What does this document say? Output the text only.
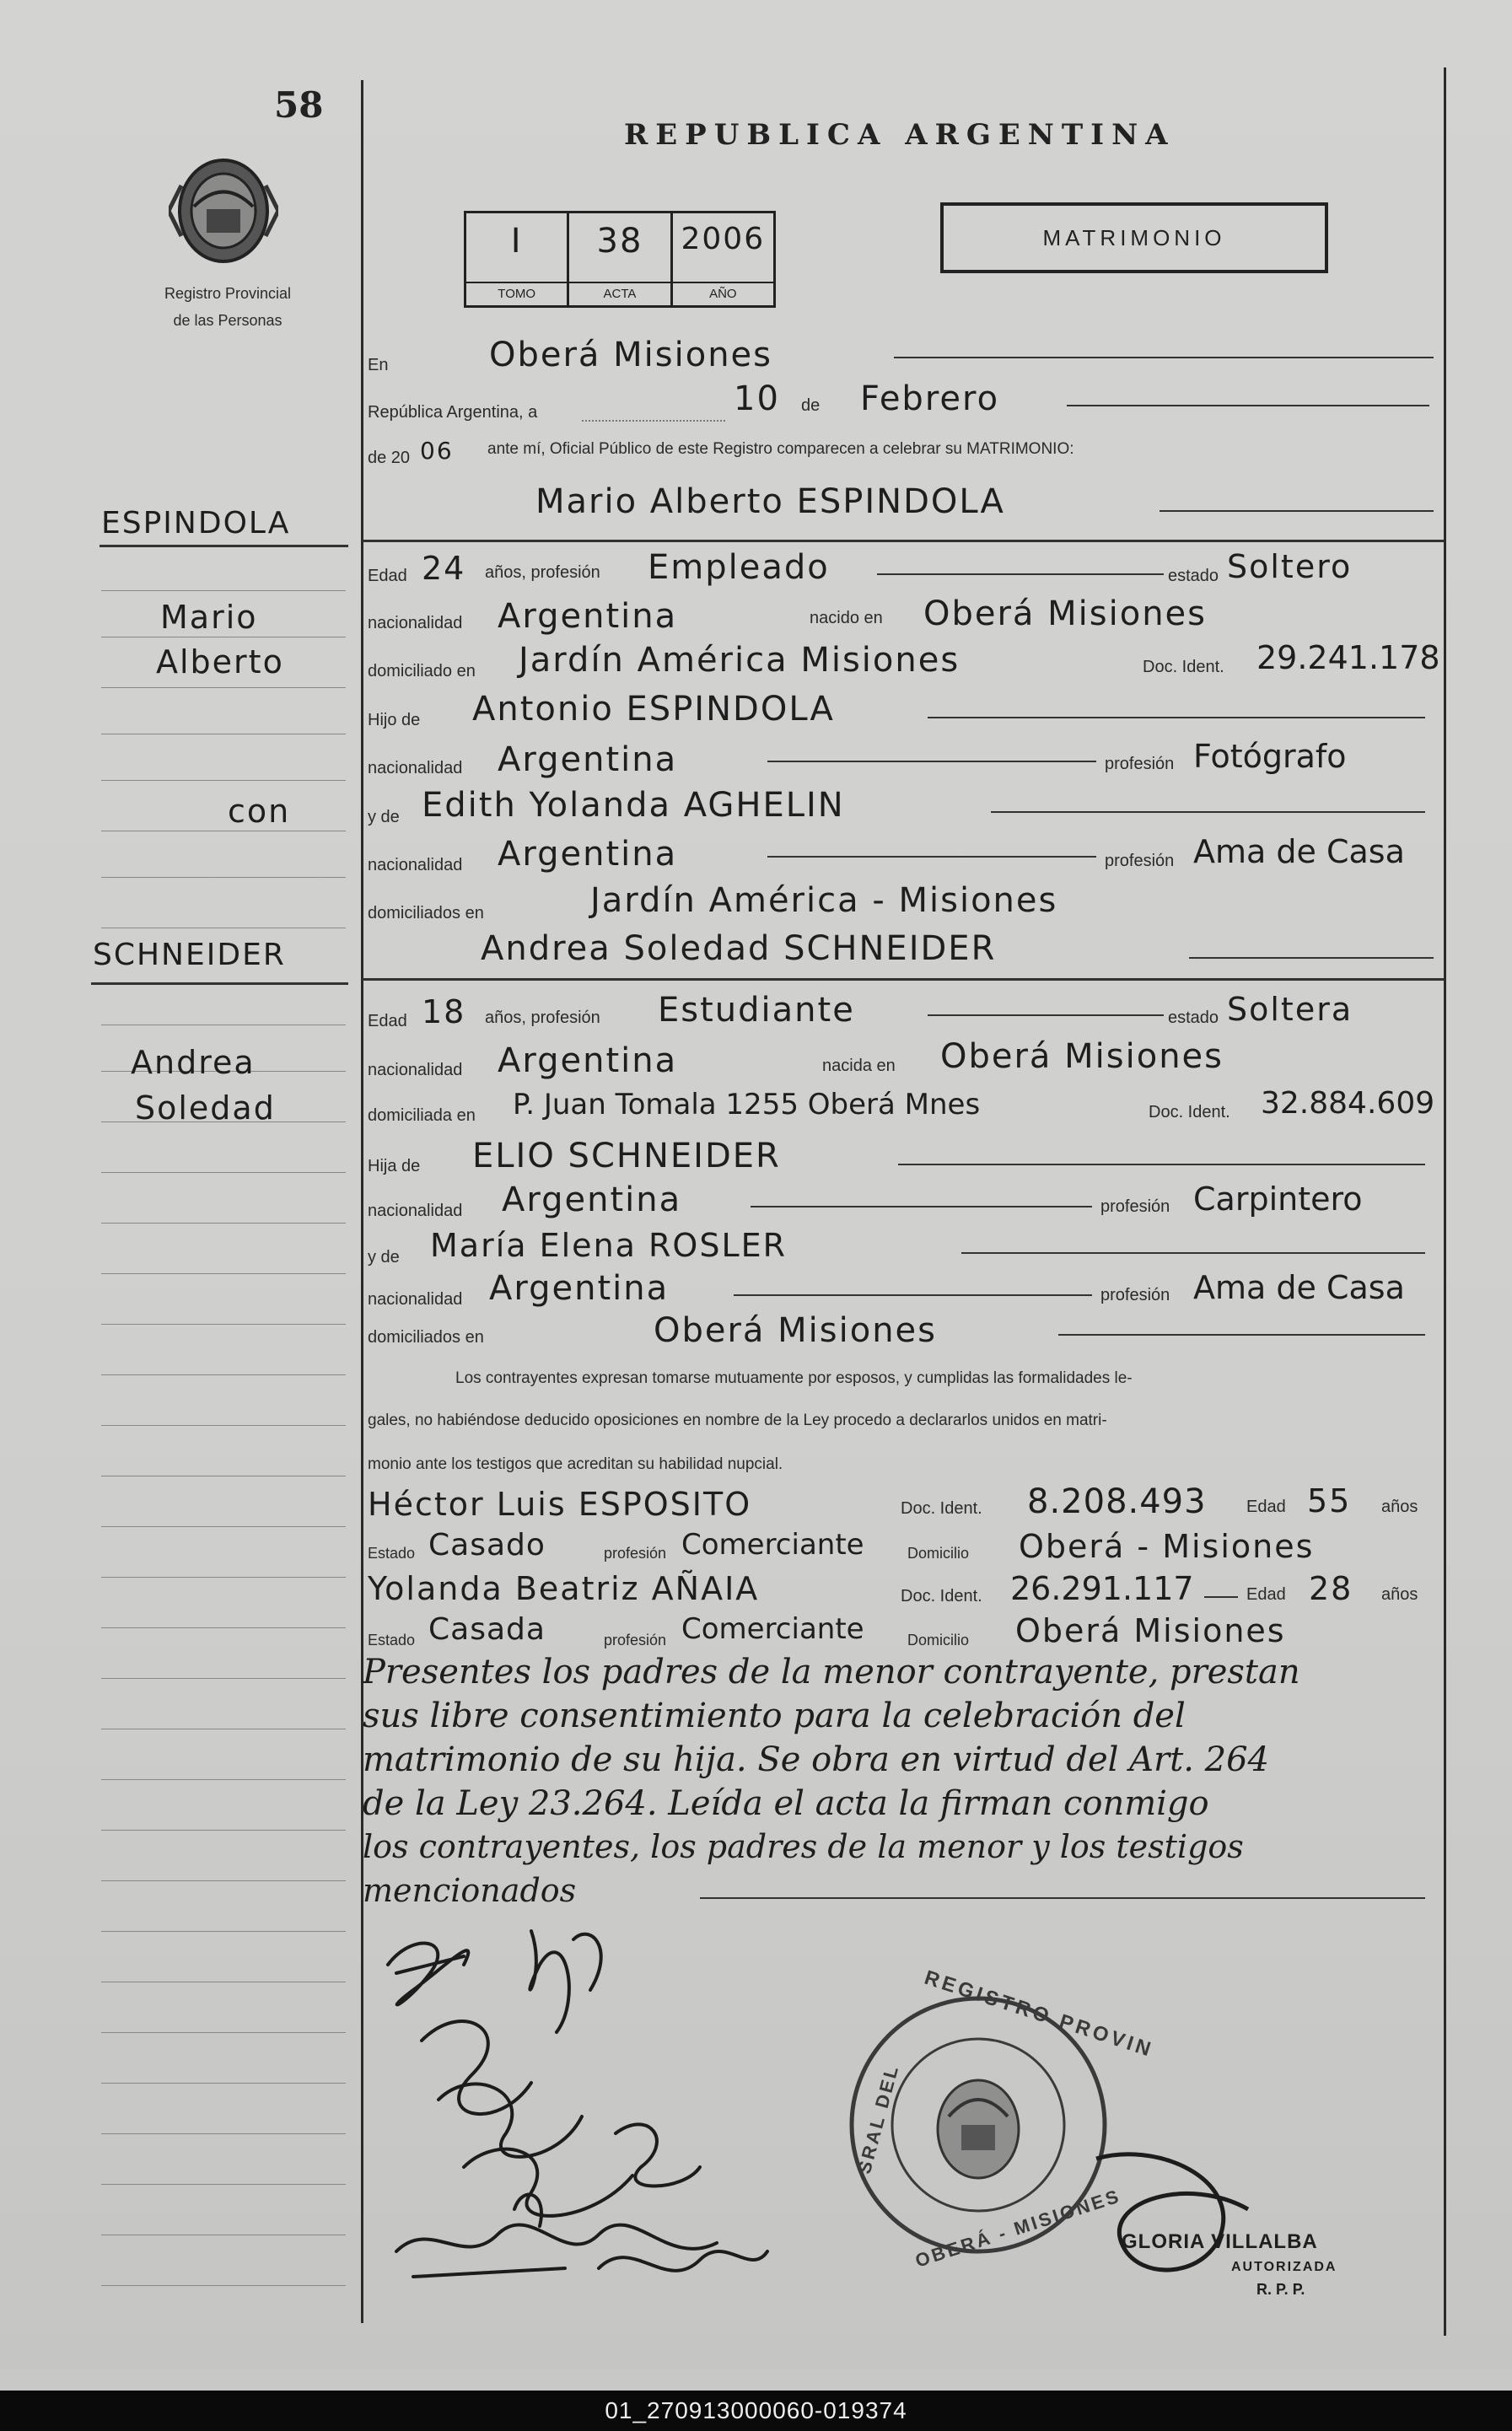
58
Registro Provincial
de las Personas
REPUBLICA ARGENTINA
MATRIMONIO
I
TOMO
38
ACTA
2006
AÑO
ESPINDOLA
Mario
Alberto
con
SCHNEIDER
Andrea
Soledad
En	Oberá Misiones
República Argentina, a	10 de Febrero
de 20 06 ante mí, Oficial Público de este Registro comparecen a celebrar su MATRIMONIO:
Mario Alberto ESPINDOLA
Edad 24 años, profesión Empleado	estado Soltero
nacionalidad Argentina	nacido en Oberá Misiones
domiciliado en Jardín América Misiones	Doc. Ident. 29.241.178
Hijo de Antonio ESPINDOLA
nacionalidad Argentina	profesión Fotógrafo
y de Edith Yolanda AGHELIN
nacionalidad Argentina	profesión Ama de Casa
domiciliados en	Jardín América - Misiones
Andrea Soledad SCHNEIDER
Edad 18 años, profesión Estudiante	estado Soltera
nacionalidad Argentina	nacida en Oberá Misiones
domiciliada en P. Juan Tomala 1255 Oberá Mnes	Doc. Ident. 32.884.609
Hija de ELIO SCHNEIDER
nacionalidad Argentina	profesión Carpintero
y de María Elena ROSLER
nacionalidad Argentina	profesión Ama de Casa
domiciliados en	Oberá Misiones
Los contrayentes expresan tomarse mutuamente por esposos, y cumplidas las formalidades le-
gales, no habiéndose deducido oposiciones en nombre de la Ley procedo a declararlos unidos en matri-
monio ante los testigos que acreditan su habilidad nupcial.
Héctor Luis ESPOSITO	Doc. Ident. 8.208.493 Edad 55 años
Estado Casado	profesión Comerciante	Domicilio Oberá - Misiones
Yolanda Beatriz AÑAIA	Doc. Ident. 26.291.117	Edad 28 años
Estado Casada	profesión Comerciante	Domicilio Oberá Misiones
Presentes los padres de la menor contrayente, prestan
sus libre consentimiento para la celebración del
matrimonio de su hija. Se obra en virtud del Art. 264
de la Ley 23.264. Leída el acta la firman conmigo
los contrayentes, los padres de la menor y los testigos
mencionados
REGISTRO PROVIN
SRAL DEL
OBERÁ - MISIONES
GLORIA VILLALBA
AUTORIZADA
R. P. P.
01_270913000060-019374
